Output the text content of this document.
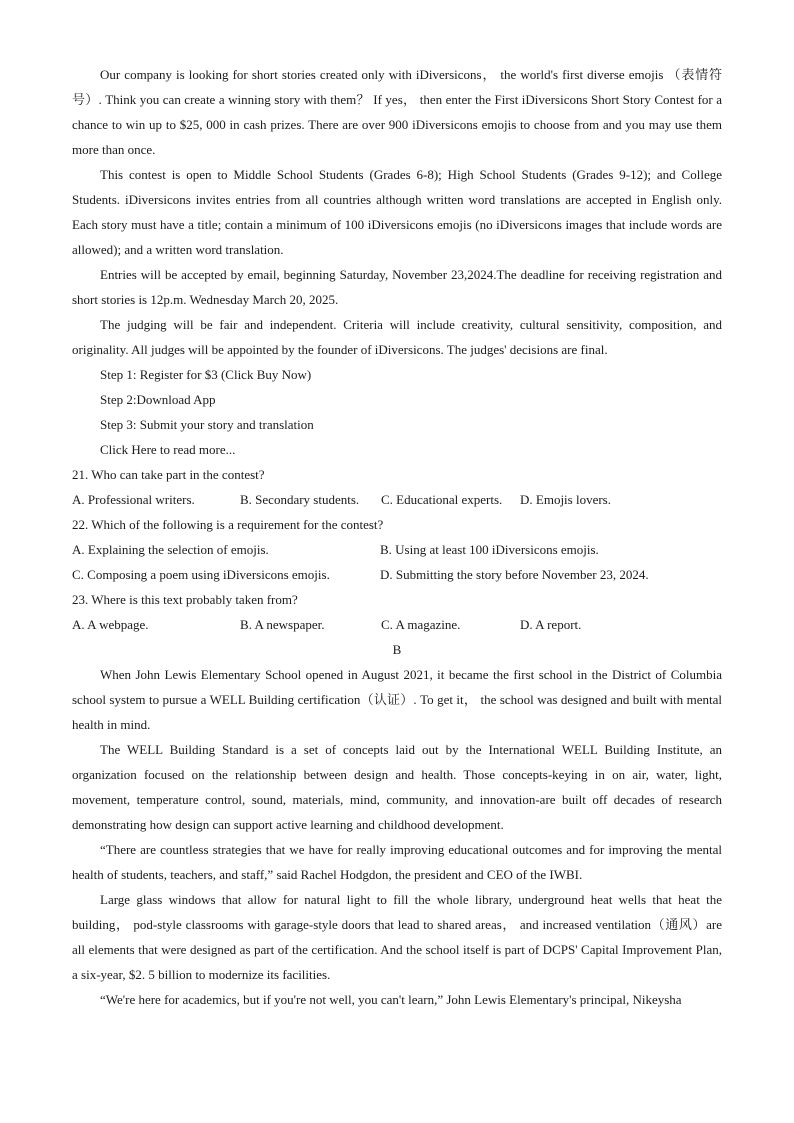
Our company is looking for short stories created only with iDiversicons， the world's first diverse emojis （表情符号）. Think you can create a winning story with them？ If yes， then enter the First iDiversicons Short Story Contest for a chance to win up to $25, 000 in cash prizes. There are over 900 iDiversicons emojis to choose from and you may use them more than once.

This contest is open to Middle School Students (Grades 6-8); High School Students (Grades 9-12); and College Students. iDiversicons invites entries from all countries although written word translations are accepted in English only. Each story must have a title; contain a minimum of 100 iDiversicons emojis (no iDiversicons images that include words are allowed); and a written word translation.

Entries will be accepted by email, beginning Saturday, November 23,2024.The deadline for receiving registration and short stories is 12p.m. Wednesday March 20, 2025.

The judging will be fair and independent. Criteria will include creativity, cultural sensitivity, composition, and originality. All judges will be appointed by the founder of iDiversicons. The judges' decisions are final.

Step 1: Register for $3 (Click Buy Now)

Step 2:Download App

Step 3: Submit your story and translation

Click Here to read more...

21. Who can take part in the contest?

A. Professional writers.	B. Secondary students.	C. Educational experts.	D. Emojis lovers.

22. Which of the following is a requirement for the contest?

A. Explaining the selection of emojis.	B. Using at least 100 iDiversicons emojis.
C. Composing a poem using iDiversicons emojis.	D. Submitting the story before November 23, 2024.

23. Where is this text probably taken from?

A. A webpage.	B. A newspaper.	C. A magazine.	D. A report.

B

When John Lewis Elementary School opened in August 2021, it became the first school in the District of Columbia school system to pursue a WELL Building certification（认证）. To get it， the school was designed and built with mental health in mind.

The WELL Building Standard is a set of concepts laid out by the International WELL Building Institute, an organization focused on the relationship between design and health. Those concepts-keying in on air, water, light, movement, temperature control, sound, materials, mind, community, and innovation-are built off decades of research demonstrating how design can support active learning and childhood development.

“There are countless strategies that we have for really improving educational outcomes and for improving the mental health of students, teachers, and staff,” said Rachel Hodgdon, the president and CEO of the IWBI.

Large glass windows that allow for natural light to fill the whole library, underground heat wells that heat the building， pod-style classrooms with garage-style doors that lead to shared areas， and increased ventilation（通风）are all elements that were designed as part of the certification. And the school itself is part of DCPS' Capital Improvement Plan, a six-year, $2. 5 billion to modernize its facilities.

“We're here for academics, but if you're not well, you can't learn,” John Lewis Elementary's principal, Nikeysha
